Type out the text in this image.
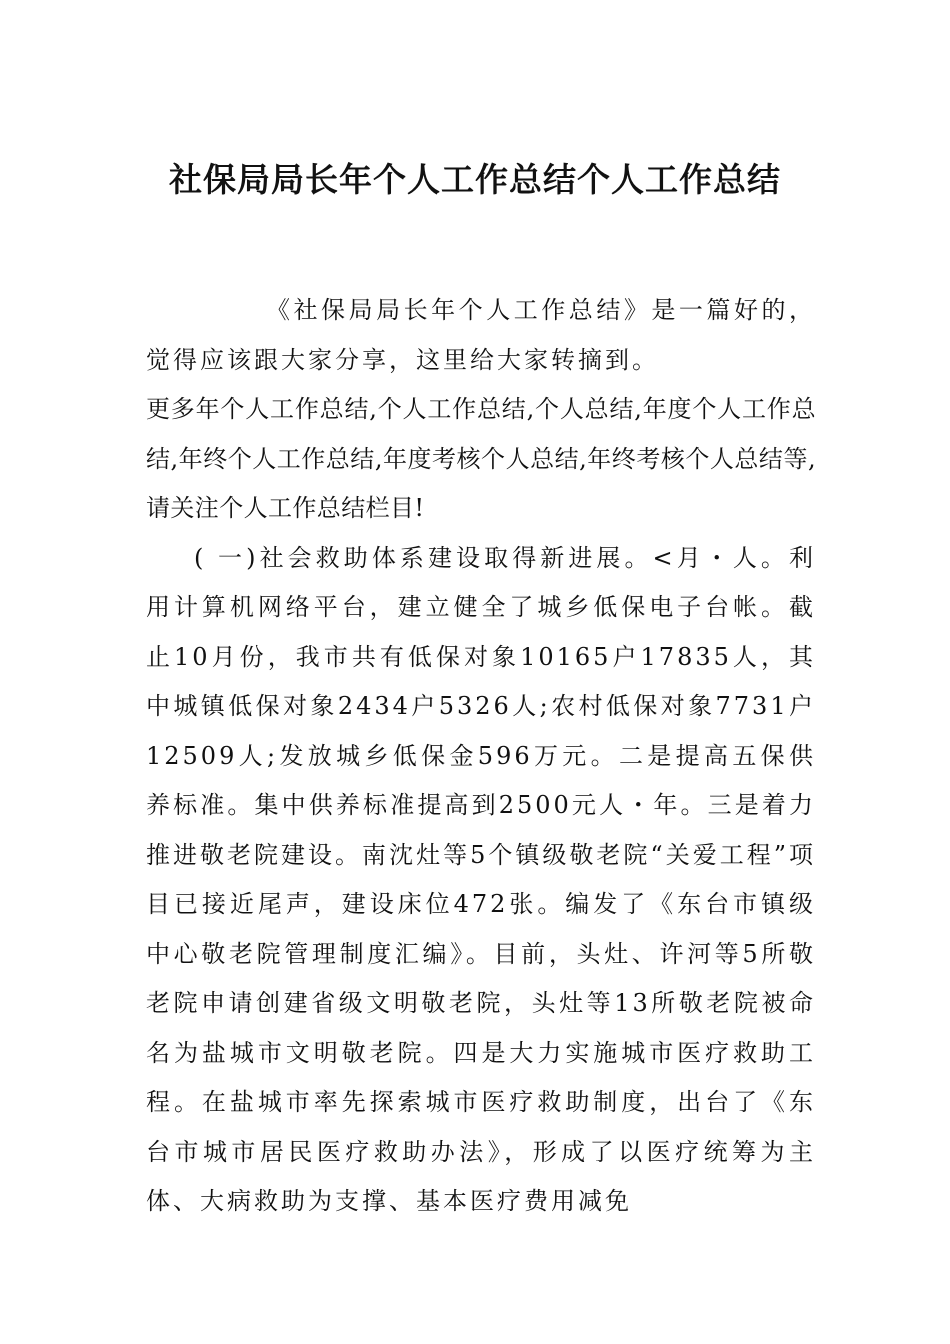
社保局局长年个人工作总结个人工作总结

《社保局局长年个人工作总结》是一篇好的，觉得应该跟大家分享，这里给大家转摘到。

更多年个人工作总结,个人工作总结,个人总结,年度个人工作总结,年终个人工作总结,年度考核个人总结,年终考核个人总结等,请关注个人工作总结栏目!

( 一)社会救助体系建设取得新进展。<月・人。利用计算机网络平台，建立健全了城乡低保电子台帐。截止10月份，我市共有低保对象10165户17835人，其中城镇低保对象2434户5326人;农村低保对象7731户12509人;发放城乡低保金596万元。二是提高五保供养标准。集中供养标准提高到2500元人・年。三是着力推进敬老院建设。南沈灶等5个镇级敬老院“关爱工程”项目已接近尾声，建设床位472张。编发了《东台市镇级中心敬老院管理制度汇编》。目前，头灶、许河等5所敬老院申请创建省级文明敬老院，头灶等13所敬老院被命名为盐城市文明敬老院。四是大力实施城市医疗救助工程。在盐城市率先探索城市医疗救助制度，出台了《东台市城市居民医疗救助办法》，形成了以医疗统筹为主体、大病救助为支撑、基本医疗费用减免
